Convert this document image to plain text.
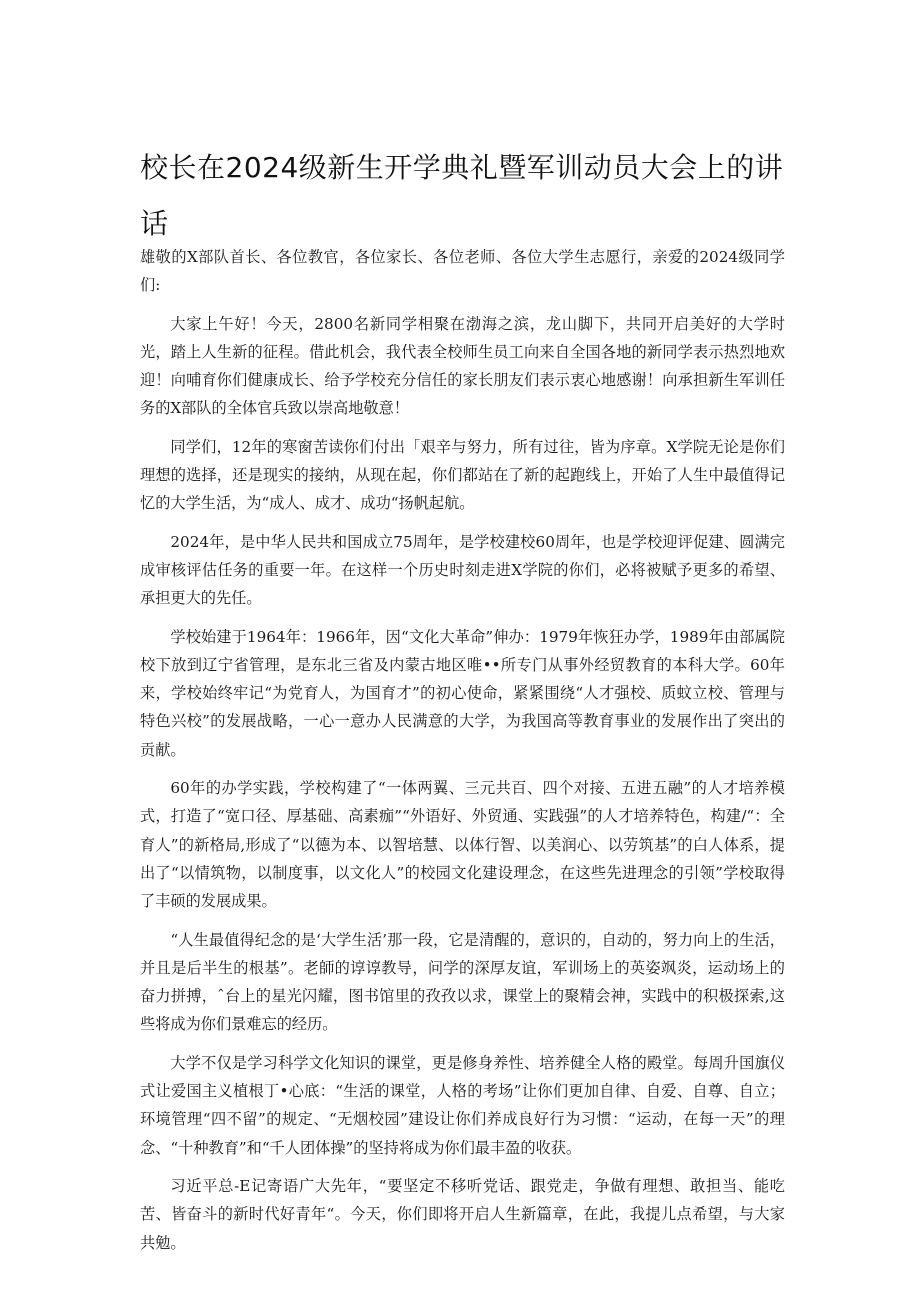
校长在2024级新生开学典礼暨军训动员大会上的讲话

雄敬的X部队首长、各位教官，各位家长、各位老师、各位大学生志愿行，亲爱的2024级同学们:

大家上午好！今天，2800名新同学相聚在渤海之滨，龙山脚下，共同开启美好的大学时光，踏上人生新的征程。借此机会，我代表全校师生员工向来自全国各地的新同学表示热烈地欢迎！向哺育你们健康成长、给予学校充分信任的家长朋友们表示衷心地感谢！向承担新生军训任务的X部队的全体官兵致以崇高地敬意！

同学们，12年的寒窗苦读你们付出「艰辛与努力，所有过往，皆为序章。X学院无论是你们理想的选择，还是现实的接纳，从现在起，你们都站在了新的起跑线上，开始了人生中最值得记忆的大学生活，为“成人、成才、成功“扬帆起航。

2024年，是中华人民共和国成立75周年，是学校建校60周年，也是学校迎评促建、圆满完成审核评估任务的重要一年。在这样一个历史时刻走进X学院的你们，必将被赋予更多的希望、承担更大的先任。

学校始建于1964年：1966年，因“文化大革命”伸办：1979年恢狂办学，1989年由部属院校下放到辽宁省管理，是东北三省及内蒙古地区唯••所专门从事外经贸教育的本科大学。60年来，学校始终牢记“为党育人，为国育才”的初心使命，紧紧围绕“人才强校、质蚊立校、管理与特色兴校”的发展战略，一心一意办人民满意的大学，为我国高等教育事业的发展作出了突出的贡献。

60年的办学实践，学校构建了“一体两翼、三元共百、四个对接、五进五融”的人才培养模式，打造了“宽口径、厚基础、高素痂”“外语好、外贸通、实践强”的人才培养特色，构建/“：全育人”的新格局,形成了“以德为本、以智培慧、以体行智、以美润心、以劳筑基”的白人体系，提出了“以情筑物，以制度事，以文化人”的校园文化建设理念，在这些先进理念的引领”学校取得了丰硕的发展成果。

“人生最值得纪念的是‘大学生活’那一段，它是清醒的，意识的，自动的，努力向上的生活，并且是后半生的根基”。老師的谆谆教导，问学的深厚友谊，军训场上的英姿飒炎，运动场上的奋力拼搏，ˆ台上的星光闪耀，图书馆里的孜孜以求，课堂上的聚精会神，实践中的积极探索,这些将成为你们景难忘的经历。

大学不仅是学习科学文化知识的课堂，更是修身养性、培养健全人格的殿堂。每周升国旗仪式让爱国主义植根丁•心底：“生活的课堂，人格的考场”让你们更加自律、自爱、自尊、自立；环境管理“四不留”的规定、“无烟校园”建设让你们养成良好行为习惯：“运动，在每一天”的理念、“十种教育”和“千人团体操”的坚持将成为你们最丰盈的收获。

习近平总-E记寄语广大先年，“要坚定不移听党话、跟党走，争做有理想、敢担当、能吃苦、皆奋斗的新时代好青年“。今天，你们即将开启人生新篇章，在此，我提儿点希望，与大家共勉。
